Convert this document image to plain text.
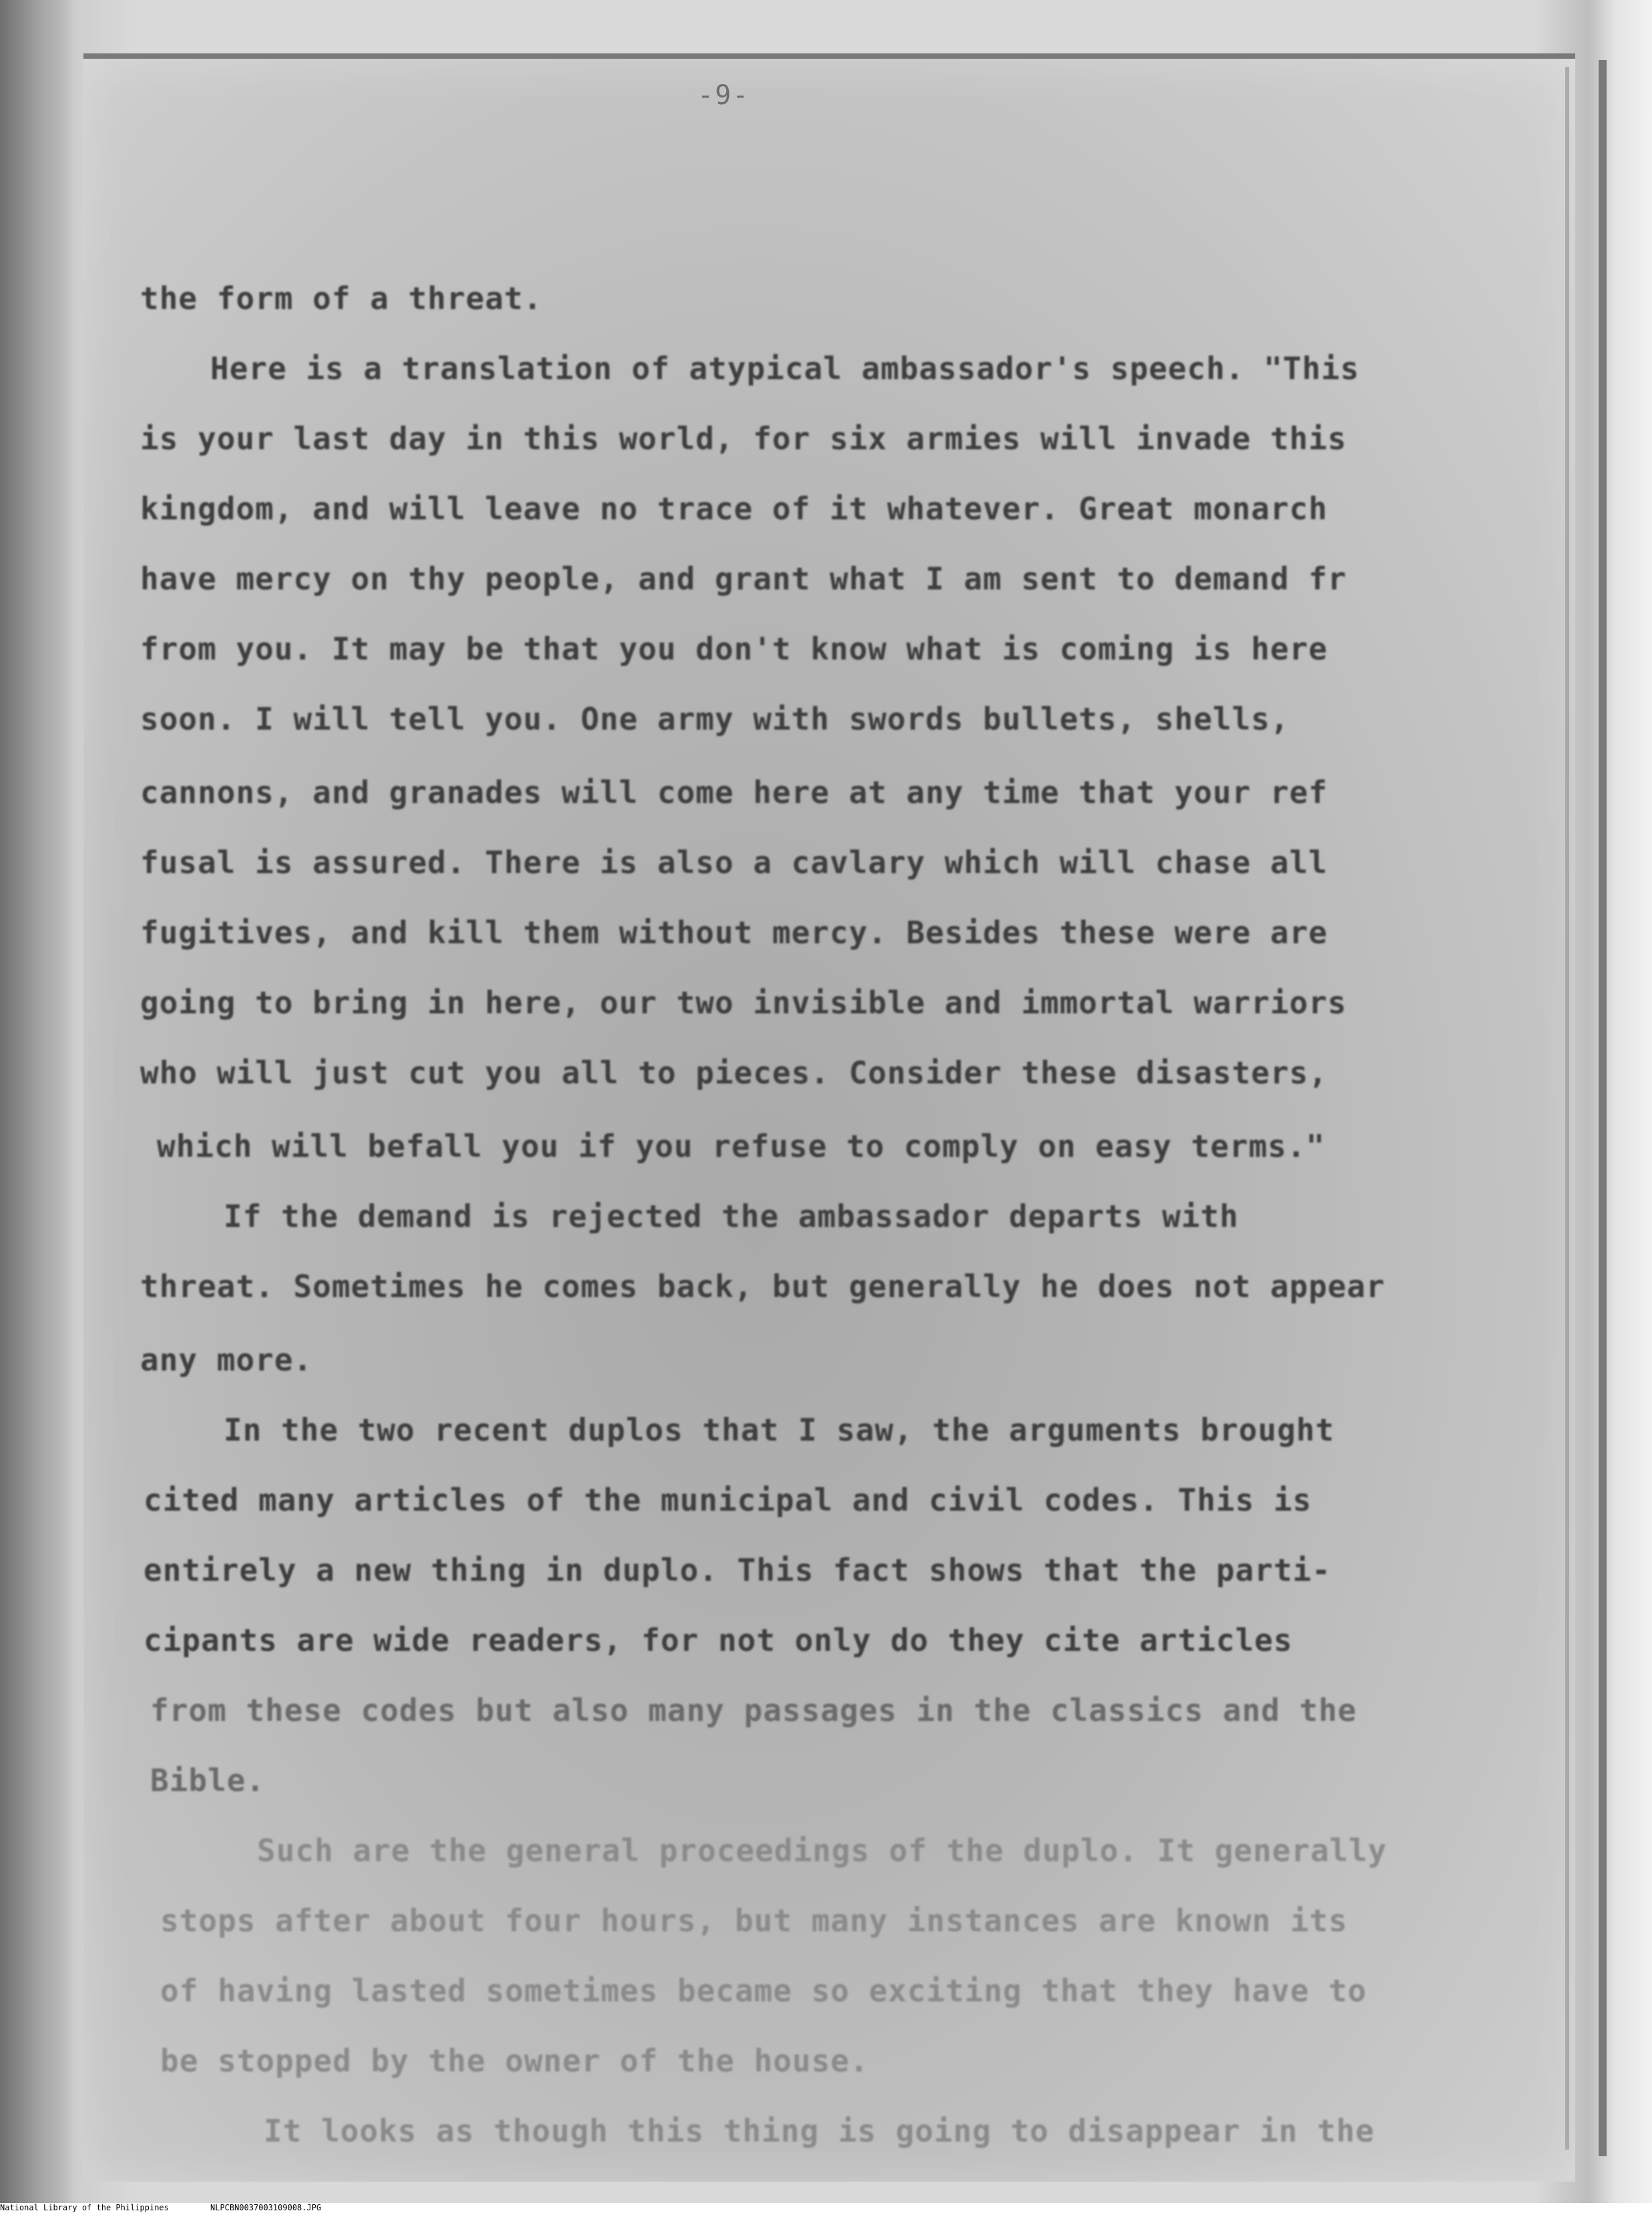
-9-
the form of a threat.
Here is a translation of atypical ambassador's speech. "This
is your last day in this world, for six armies will invade this
kingdom, and will leave no trace of it whatever. Great monarch
have mercy on thy people, and grant what I am sent to demand fr
from you. It may be that you don't know what is coming is here
soon. I will tell you. One army with swords bullets, shells,
cannons, and granades will come here at any time that your ref
fusal is assured. There is also a cavlary which will chase all
fugitives, and kill them without mercy. Besides these were are
going to bring in here, our two invisible and immortal warriors
who will just cut you all to pieces. Consider these disasters,
which will befall you if you refuse to comply on easy terms."
If the demand is rejected the ambassador departs with
threat. Sometimes he comes back, but generally he does not appear
any more.
In the two recent duplos that I saw, the arguments brought
cited many articles of the municipal and civil codes. This is
entirely a new thing in duplo. This fact shows that the parti-
cipants are wide readers, for not only do they cite articles
from these codes but also many passages in the classics and the
Bible.
Such are the general proceedings of the duplo. It generally
stops after about four hours, but many instances are known its
of having lasted sometimes became so exciting that they have to
be stopped by the owner of the house.
It looks as though this thing is going to disappear in the
National Library of the Philippines	NLPCBN0037003109008.JPG
